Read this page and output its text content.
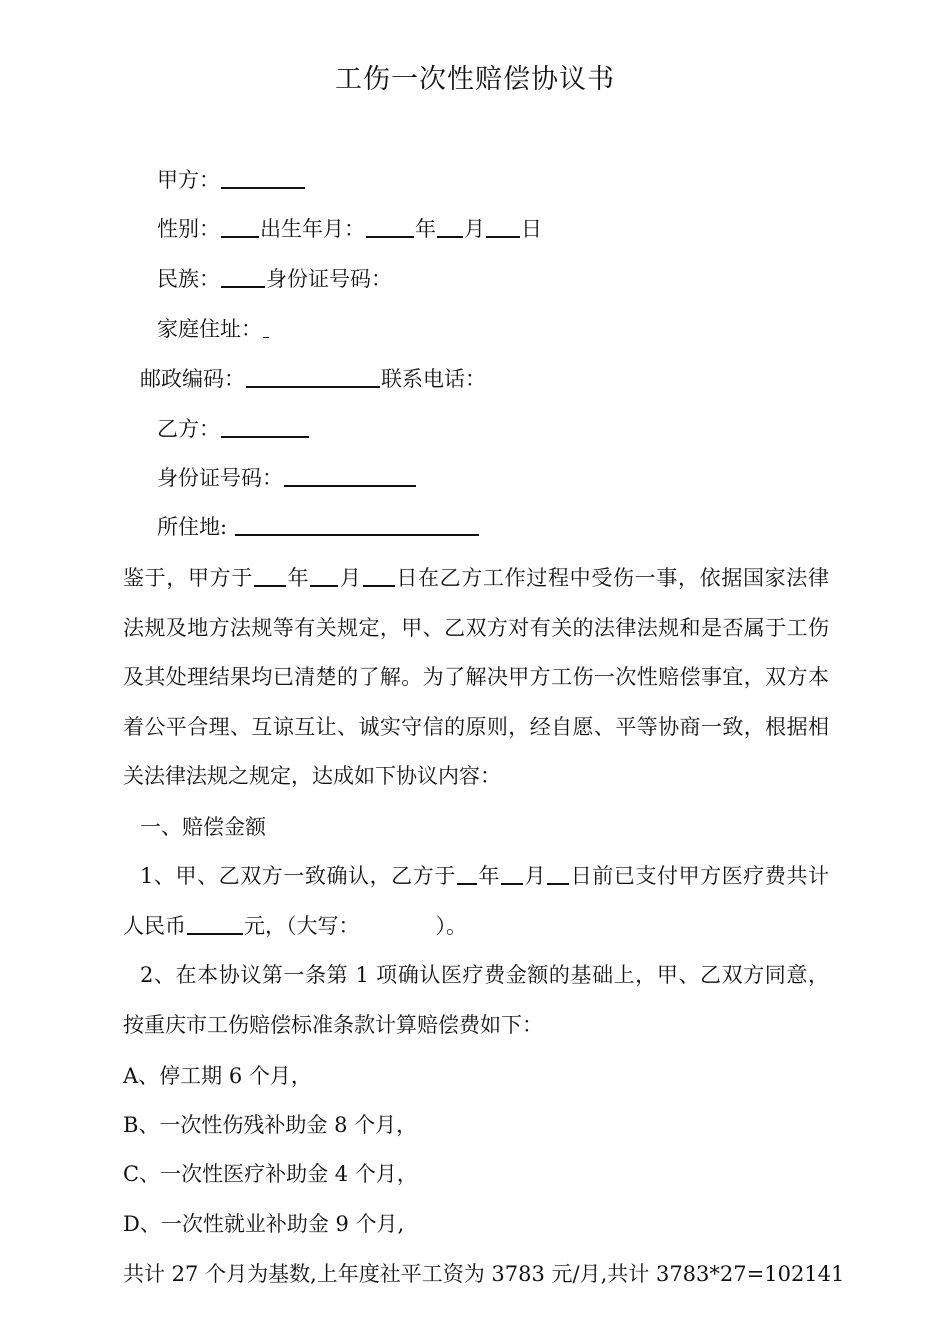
工伤一次性赔偿协议书
甲方：
性别： 出生年月： 年 月 日
民族： 身份证号码：
家庭住址：
邮政编码：	联系电话：
乙方：
身份证号码：
所住地:
鉴于，甲方于 年 月 日在乙方工作过程中受伤一事，依据国家法律法规及地方法规等有关规定，甲、乙双方对有关的法律法规和是否属于工伤及其处理结果均已清楚的了解。为了解决甲方工伤一次性赔偿事宜，双方本着公平合理、互谅互让、诚实守信的原则，经自愿、平等协商一致，根据相关法律法规之规定，达成如下协议内容：
一、赔偿金额
1、甲、乙双方一致确认，乙方于 年 月 日前已支付甲方医疗费共计人民币	元，（大写：	）。
2、在本协议第一条第 1 项确认医疗费金额的基础上，甲、乙双方同意，按重庆市工伤赔偿标准条款计算赔偿费如下：
A、停工期 6 个月，
B、一次性伤残补助金 8 个月，
C、一次性医疗补助金 4 个月，
D、一次性就业补助金 9 个月,
共计 27 个月为基数,上年度社平工资为 3783 元/月,共计 3783*27=102141
